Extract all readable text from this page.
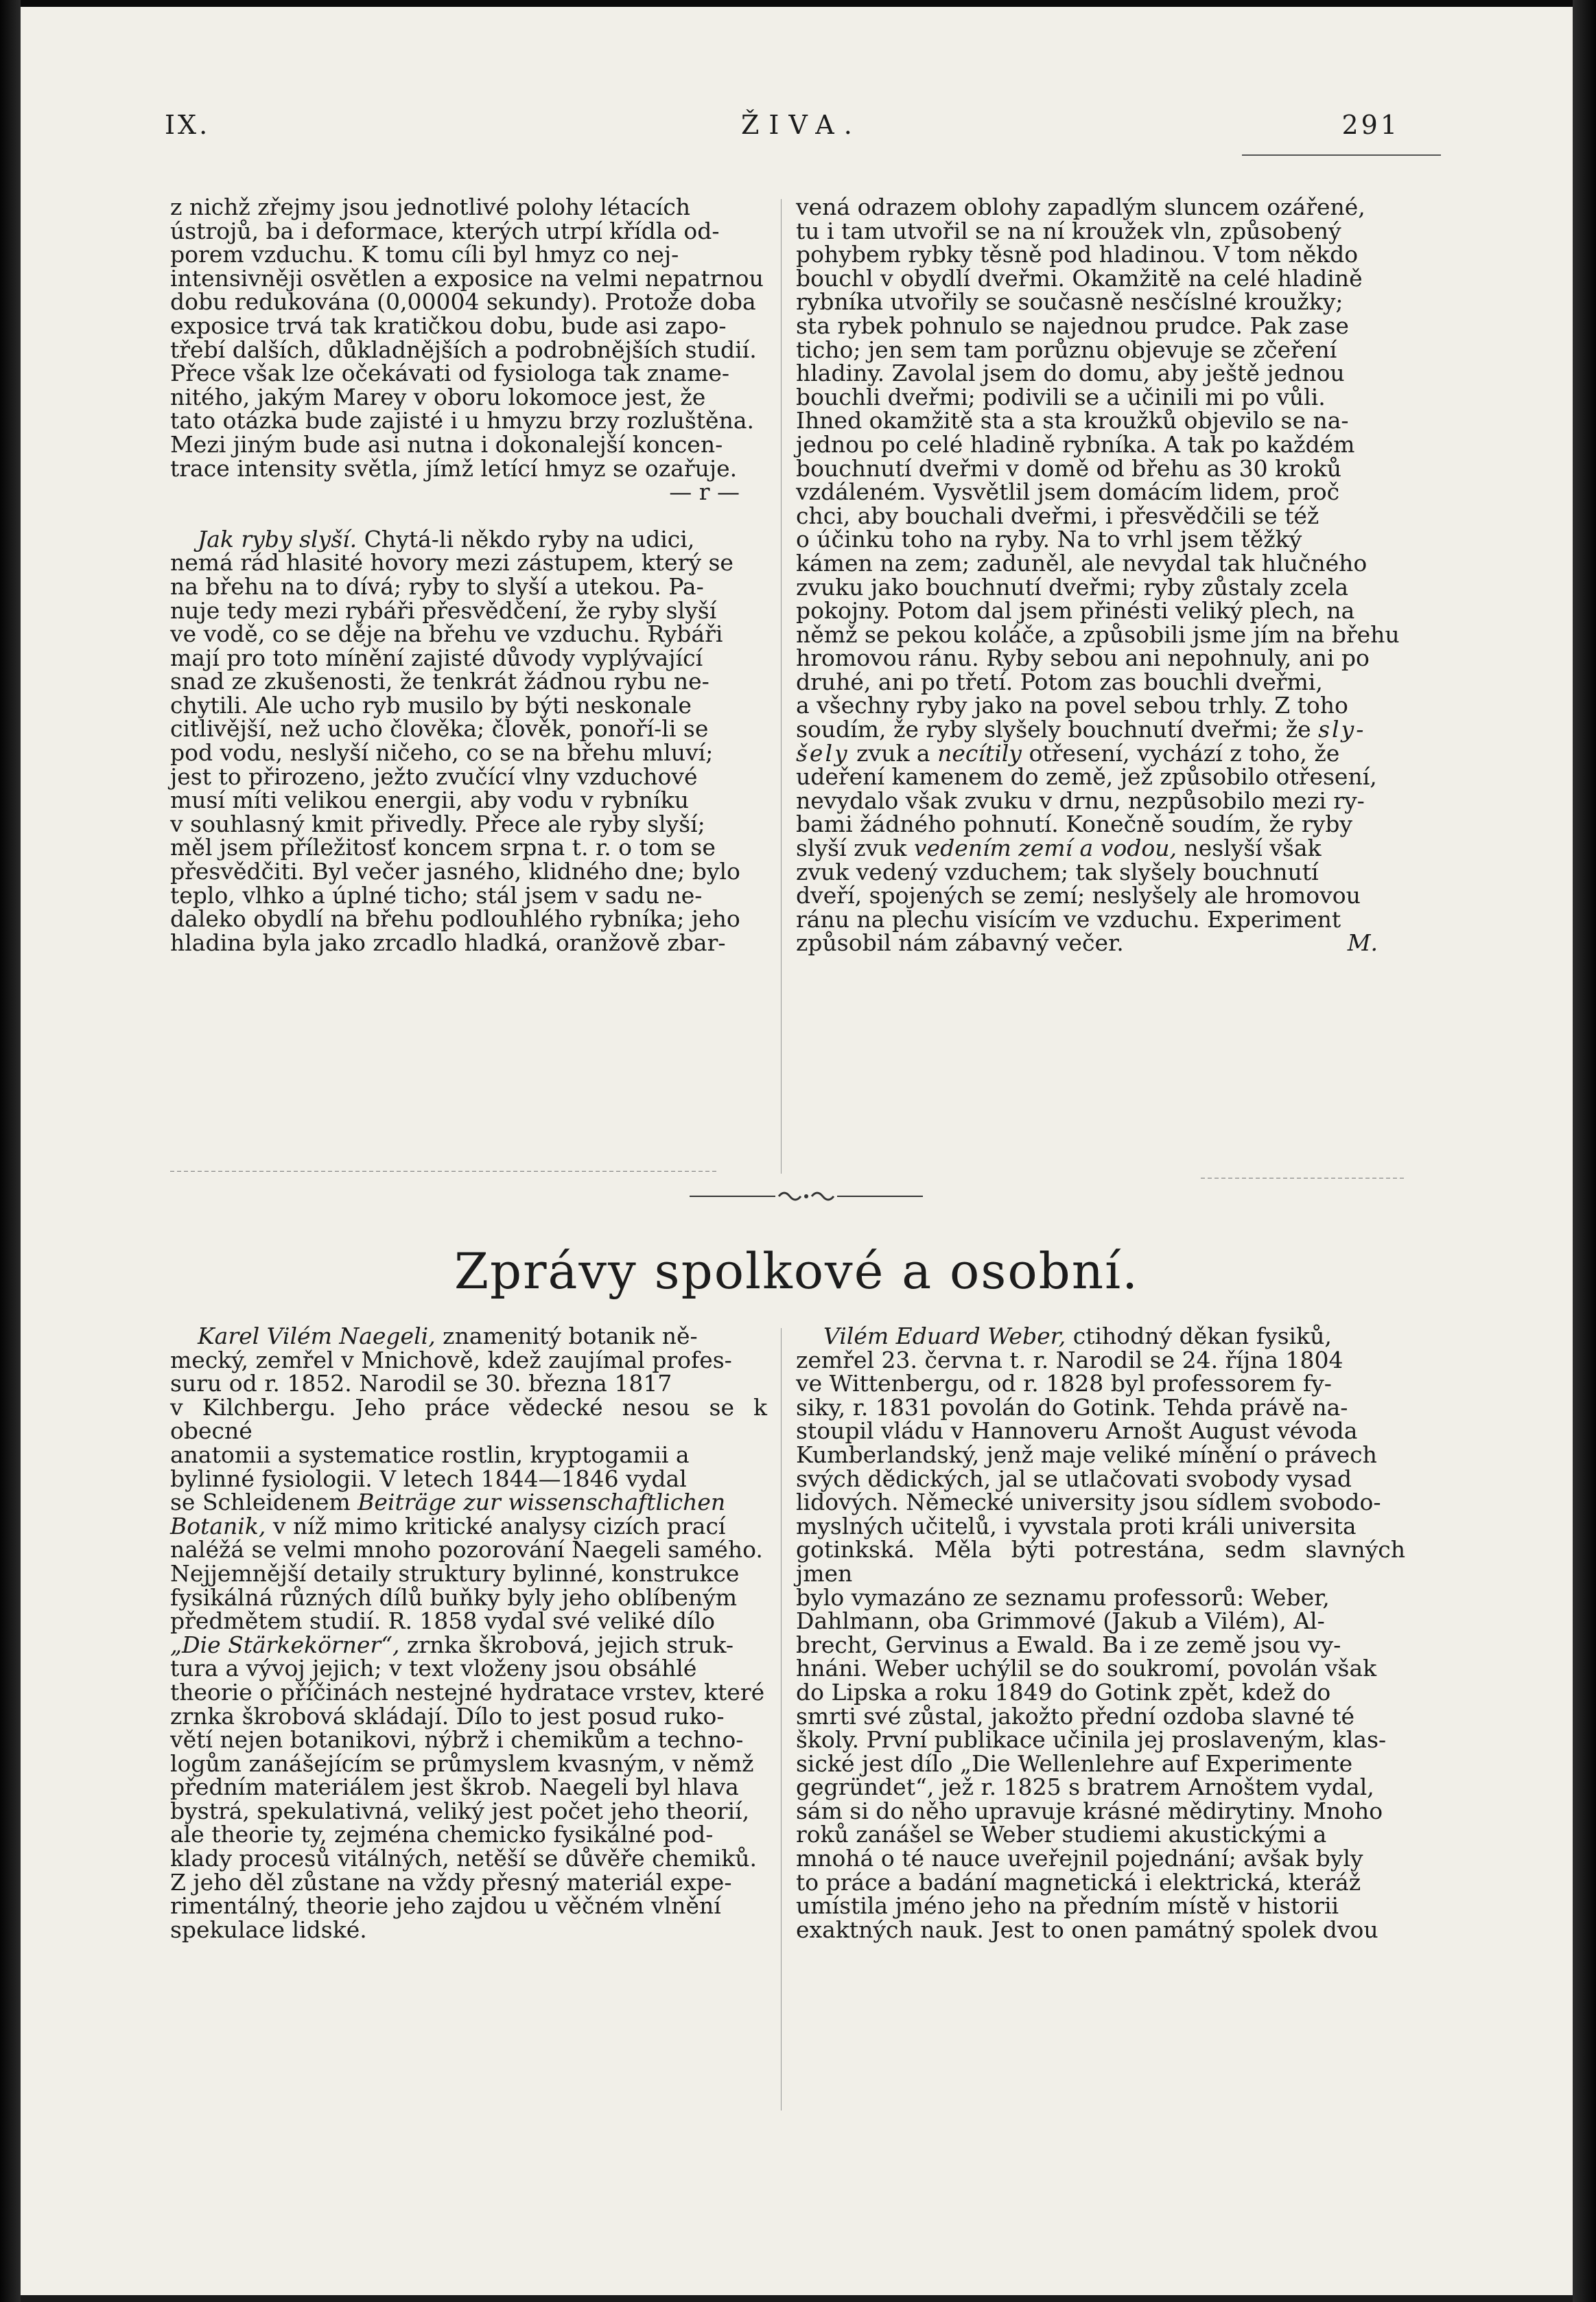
IX.	ŽIVA.	291

z nichž zřejmy jsou jednotlivé polohy létacích

ústrojů, ba i deformace, kterých utrpí křídla od-

porem vzduchu. K tomu cíli byl hmyz co nej-

intensivněji osvětlen a exposice na velmi nepatrnou

dobu redukována (0,00004 sekundy). Protože doba

exposice trvá tak kratičkou dobu, bude asi zapo-

třebí dalších, důkladnějších a podrobnějších studií.

Přece však lze očekávati od fysiologa tak zname-

nitého, jakým Marey v oboru lokomoce jest, že

tato otázka bude zajisté i u hmyzu brzy rozluštěna.

Mezi jiným bude asi nutna i dokonalejší koncen-

trace intensity světla, jímž letící hmyz se ozařuje.

— r —

Jak ryby slyší. Chytá-li někdo ryby na udici,

nemá rád hlasité hovory mezi zástupem, který se

na břehu na to dívá; ryby to slyší a utekou. Pa-

nuje tedy mezi rybáři přesvědčení, že ryby slyší

ve vodě, co se děje na břehu ve vzduchu. Rybáři

mají pro toto mínění zajisté důvody vyplývající

snad ze zkušenosti, že tenkrát žádnou rybu ne-

chytili. Ale ucho ryb musilo by býti neskonale

citlivější, než ucho člověka; člověk, ponoří-li se

pod vodu, neslyší ničeho, co se na břehu mluví;

jest to přirozeno, ježto zvučící vlny vzduchové

musí míti velikou energii, aby vodu v rybníku

v souhlasný kmit přivedly. Přece ale ryby slyší;

měl jsem příležitosť koncem srpna t. r. o tom se

přesvědčiti. Byl večer jasného, klidného dne; bylo

teplo, vlhko a úplné ticho; stál jsem v sadu ne-

daleko obydlí na břehu podlouhlého rybníka; jeho

hladina byla jako zrcadlo hladká, oranžově zbar-

vená odrazem oblohy zapadlým sluncem ozářené,

tu i tam utvořil se na ní kroužek vln, způsobený

pohybem rybky těsně pod hladinou. V tom někdo

bouchl v obydlí dveřmi. Okamžitě na celé hladině

rybníka utvořily se současně nesčíslné kroužky;

sta rybek pohnulo se najednou prudce. Pak zase

ticho; jen sem tam porůznu objevuje se zčeření

hladiny. Zavolal jsem do domu, aby ještě jednou

bouchli dveřmi; podivili se a učinili mi po vůli.

Ihned okamžitě sta a sta kroužků objevilo se na-

jednou po celé hladině rybníka. A tak po každém

bouchnutí dveřmi v domě od břehu as 30 kroků

vzdáleném. Vysvětlil jsem domácím lidem, proč

chci, aby bouchali dveřmi, i přesvědčili se též

o účinku toho na ryby. Na to vrhl jsem těžký

kámen na zem; zaduněl, ale nevydal tak hlučného

zvuku jako bouchnutí dveřmi; ryby zůstaly zcela

pokojny. Potom dal jsem přinésti veliký plech, na

němž se pekou koláče, a způsobili jsme jím na břehu

hromovou ránu. Ryby sebou ani nepohnuly, ani po

druhé, ani po třetí. Potom zas bouchli dveřmi,

a všechny ryby jako na povel sebou trhly. Z toho

soudím, že ryby slyšely bouchnutí dveřmi; že sly-

šely zvuk a necítily otřesení, vychází z toho, že

udeření kamenem do země, jež způsobilo otřesení,

nevydalo však zvuku v drnu, nezpůsobilo mezi ry-

bami žádného pohnutí. Konečně soudím, že ryby

slyší zvuk vedením zemí a vodou, neslyší však

zvuk vedený vzduchem; tak slyšely bouchnutí

dveří, spojených se zemí; neslyšely ale hromovou

ránu na plechu visícím ve vzduchu. Experiment

způsobil nám zábavný večer.	M.

Zprávy spolkové a osobní.

Karel Vilém Naegeli, znamenitý botanik ně-

mecký, zemřel v Mnichově, kdež zaujímal profes-

suru od r. 1852. Narodil se 30. března 1817

v Kilchbergu. Jeho práce vědecké nesou se k obecné

anatomii a systematice rostlin, kryptogamii a

bylinné fysiologii. V letech 1844—1846 vydal

se Schleidenem Beiträge zur wissenschaftlichen

Botanik, v níž mimo kritické analysy cizích prací

naléžá se velmi mnoho pozorování Naegeli samého.

Nejjemnější detaily struktury bylinné, konstrukce

fysikálná různých dílů buňky byly jeho oblíbeným

předmětem studií. R. 1858 vydal své veliké dílo

„Die Stärkekörner“, zrnka škrobová, jejich struk-

tura a vývoj jejich; v text vloženy jsou obsáhlé

theorie o příčinách nestejné hydratace vrstev, které

zrnka škrobová skládají. Dílo to jest posud ruko-

větí nejen botanikovi, nýbrž i chemikům a techno-

logům zanášejícím se průmyslem kvasným, v němž

předním materiálem jest škrob. Naegeli byl hlava

bystrá, spekulativná, veliký jest počet jeho theorií,

ale theorie ty, zejména chemicko fysikálné pod-

klady procesů vitálných, netěší se důvěře chemiků.

Z jeho děl zůstane na vždy přesný materiál expe-

rimentálný, theorie jeho zajdou u věčném vlnění

spekulace lidské.

Vilém Eduard Weber, ctihodný děkan fysiků,

zemřel 23. června t. r. Narodil se 24. října 1804

ve Wittenbergu, od r. 1828 byl professorem fy-

siky, r. 1831 povolán do Gotink. Tehda právě na-

stoupil vládu v Hannoveru Arnošt August vévoda

Kumberlandský, jenž maje veliké mínění o právech

svých dědických, jal se utlačovati svobody vysad

lidových. Německé university jsou sídlem svobodo-

myslných učitelů, i vyvstala proti králi universita

gotinkská. Měla býti potrestána, sedm slavných jmen

bylo vymazáno ze seznamu professorů: Weber,

Dahlmann, oba Grimmové (Jakub a Vilém), Al-

brecht, Gervinus a Ewald. Ba i ze země jsou vy-

hnáni. Weber uchýlil se do soukromí, povolán však

do Lipska a roku 1849 do Gotink zpět, kdež do

smrti své zůstal, jakožto přední ozdoba slavné té

školy. První publikace učinila jej proslaveným, klas-

sické jest dílo „Die Wellenlehre auf Experimente

gegründet“, jež r. 1825 s bratrem Arnoštem vydal,

sám si do něho upravuje krásné mědirytiny. Mnoho

roků zanášel se Weber studiemi akustickými a

mnohá o té nauce uveřejnil pojednání; avšak byly

to práce a badání magnetická i elektrická, kteráž

umístila jméno jeho na předním místě v historii

exaktných nauk. Jest to onen památný spolek dvou
